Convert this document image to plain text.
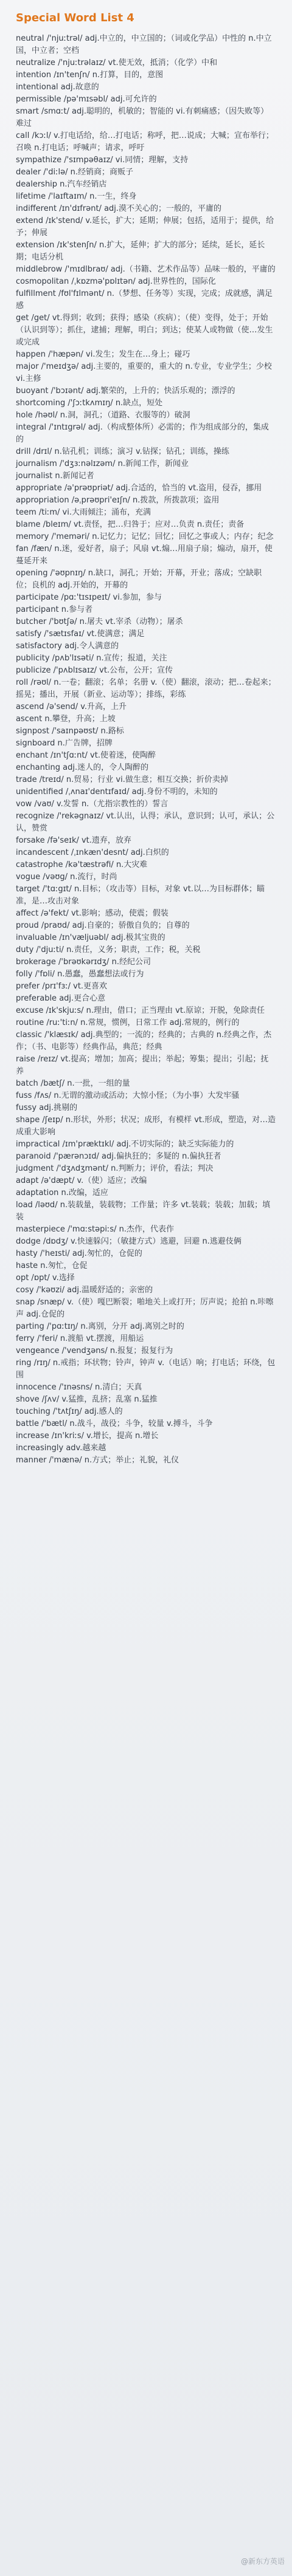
Special Word List 4

neutral /'njuːtrəl/ adj.中立的，中立国的；（词或化学品）中性的 n.中立国，中立者；空档

neutralize /'njuːtrəlaɪz/ vt.使无效，抵消；（化学）中和

intention /ɪn'tenʃn/ n.打算，目的，意图

intentional adj.故意的

permissible /pə'mɪsəbl/ adj.可允许的

smart /smɑːt/ adj.聪明的，机敏的；智能的 vi.有刺痛感；（因失败等）难过

call /kɔːl/ v.打电话给，给…打电话；称呼，把…说成；大喊；宣布举行；召唤 n.打电话；呼喊声；请求，呼吁

sympathize /'sɪmpəθaɪz/ vi.同情；理解，支持

dealer /'diːlə/ n.经销商；商贩子

dealership n.汽车经销店

lifetime /'laɪftaɪm/ n.一生，终身

indifferent /ɪn'dɪfrənt/ adj.漠不关心的；一般的，平庸的

extend /ɪk'stend/ v.延长，扩大；延期；伸展；包括，适用于；提供，给予；伸展

extension /ɪk'stenʃn/ n.扩大，延伸；扩大的部分；延续，延长，延长期；电话分机

middlebrow /'mɪdlbraʊ/ adj.（书籍、艺术作品等）品味一般的，平庸的

cosmopolitan /ˌkɒzmə'pɒlɪtən/ adj.世界性的，国际化

fulfillment /fʊl'fɪlmənt/ n.（梦想、任务等）实现，完成；成就感，满足感

get /get/ vt.得到；收到；获得；感染（疾病）；（使）变得，处于；开始（认识到等）；抓住，逮捕；理解，明白；到达；使某人或物做（使…发生或完成

happen /'hæpən/ vi.发生；发生在…身上；碰巧

major /'meɪdʒə/ adj.主要的，重要的，重大的 n.专业，专业学生；少校 vi.主修

buoyant /'bɔɪənt/ adj.繁荣的，上升的；快活乐观的；漂浮的

shortcoming /'ʃɔːtkʌmɪŋ/ n.缺点，短处

hole /həʊl/ n.洞，洞孔；（道路、衣服等的）破洞

integral /'ɪntɪgrəl/ adj.（构成整体所）必需的；作为组成部分的，集成的

drill /drɪl/ n.钻孔机；训练；演习 v.钻探；钻孔；训练，操练

journalism /'dʒɜːnəlɪzəm/ n.新闻工作，新闻业

journalist n.新闻记者

appropriate /ə'prəʊpriət/ adj.合适的，恰当的 vt.盗用，侵吞，挪用

appropriation /əˌprəʊpri'eɪʃn/ n.拨款，所拨款项；盗用

teem /tiːm/ vi.大雨倾注；涌布，充满

blame /bleɪm/ vt.责怪，把…归咎于；应对…负责 n.责任；责备

memory /'meməri/ n.记忆力；记忆；回忆；回忆之事或人；内存；纪念

fan /fæn/ n.迷，爱好者，扇子；风扇 vt.煽…用扇子扇；煽动，扇开，使蔓延开来

opening /'əʊpnɪŋ/ n.缺口，洞孔；开始；开幕，开业；落成；空缺职位；良机的 adj.开始的，开幕的

participate /pɑː'tɪsɪpeɪt/ vi.参加，参与

participant n.参与者

butcher /'bʊtʃə/ n.屠夫 vt.宰杀（动物）；屠杀

satisfy /'sætɪsfaɪ/ vt.使满意；满足

satisfactory adj.令人满意的

publicity /pʌb'lɪsəti/ n.宣传；报道，关注

publicize /'pʌblɪsaɪz/ vt.公布，公开；宣传

roll /rəʊl/ n.一卷；翻滚；名单；名册 v.（使）翻滚，滚动；把…卷起来；摇晃；播出，开展（新业、运动等）；排练，彩练

ascend /ə'send/ v.升高，上升

ascent n.攀登，升高；上坡

signpost /'saɪnpəʊst/ n.路标

signboard n.广告牌，招牌

enchant /ɪn'tʃɑːnt/ vt.使着迷，使陶醉

enchanting adj.迷人的，令人陶醉的

trade /treɪd/ n.贸易；行业 vi.做生意；相互交换；折价卖掉

unidentified /ˌʌnaɪ'dentɪfaɪd/ adj.身份不明的，未知的

vow /vaʊ/ v.发誓 n.（尤指宗教性的）誓言

recognize /'rekəgnaɪz/ vt.认出，认得；承认，意识到；认可，承认；公认，赞赏

forsake /fə'seɪk/ vt.遗弃，放弃

incandescent /ˌɪnkæn'desnt/ adj.白炽的

catastrophe /kə'tæstrəfi/ n.大灾难

vogue /vəʊg/ n.流行，时尚

target /'tɑːgɪt/ n.目标；（攻击等）目标，对象 vt.以…为目标群体；瞄准，是…攻击对象

affect /ə'fekt/ vt.影响；感动，使震；假装

proud /praʊd/ adj.自豪的；骄傲自负的；自尊的

invaluable /ɪn'væljuəbl/ adj.极其宝贵的

duty /'djuːti/ n.责任，义务；职责，工作；税，关税

brokerage /'brəʊkərɪdʒ/ n.经纪公司

folly /'fɒli/ n.愚蠢，愚蠢想法或行为

prefer /prɪ'fɜː/ vt.更喜欢

preferable adj.更合心意

excuse /ɪk'skjuːs/ n.理由，借口；正当理由 vt.原谅；开脱，免除责任

routine /ruː'tiːn/ n.常规，惯例，日常工作 adj.常规的，例行的

classic /'klæsɪk/ adj.典型的；一流的；经典的；古典的 n.经典之作，杰作；（书、电影等）经典作品，典范；经典

raise /reɪz/ vt.提高；增加；加高；提出；举起；筹集；提出；引起；抚养

batch /bætʃ/ n.一批，一组的量

fuss /fʌs/ n.无谓的激动或活动；大惊小怪；（为小事）大发牢骚

fussy adj.挑剔的

shape /ʃeɪp/ n.形状，外形；状况；成形，有模样 vt.形成，塑造，对…造成重大影响

impractical /ɪm'præktɪkl/ adj.不切实际的；缺乏实际能力的

paranoid /'pærənɔɪd/ adj.偏执狂的；多疑的 n.偏执狂者

judgment /'dʒʌdʒmənt/ n.判断力；评价，看法；判决

adapt /ə'dæpt/ v.（使）适应；改编

adaptation n.改编，适应

load /ləʊd/ n.装载量，装载物；工作量；许多 vt.装载；装载；加载；填装

masterpiece /'mɑːstəpiːs/ n.杰作，代表作

dodge /dɒdʒ/ v.快速躲闪；（敏捷方式）逃避，回避 n.逃避伎俩

hasty /'heɪsti/ adj.匆忙的，仓促的

haste n.匆忙，仓促

opt /ɒpt/ v.选择

cosy /'kəʊzi/ adj.温暖舒适的；亲密的

snap /snæp/ v.（使）嘎巴断裂；啪地关上或打开；厉声说；抢拍 n.咔嚓声 adj.仓促的

parting /'pɑːtɪŋ/ n.离别，分开 adj.离别之时的

ferry /'feri/ n.渡船 vt.摆渡，用船运

vengeance /'vendʒəns/ n.报复；报复行为

ring /rɪŋ/ n.戒指；环状物；铃声，钟声 v.（电话）响；打电话；环绕，包围

innocence /'ɪnəsns/ n.清白；天真

shove /ʃʌv/ v.猛推，乱挤；乱塞 n.猛推

touching /'tʌtʃɪŋ/ adj.感人的

battle /'bætl/ n.战斗，战役；斗争，较量 v.搏斗，斗争

increase /ɪn'kriːs/ v.增长，提高 n.增长

increasingly adv.越来越

manner /'mænə/ n.方式；举止；礼貌，礼仪

@新东方英语
